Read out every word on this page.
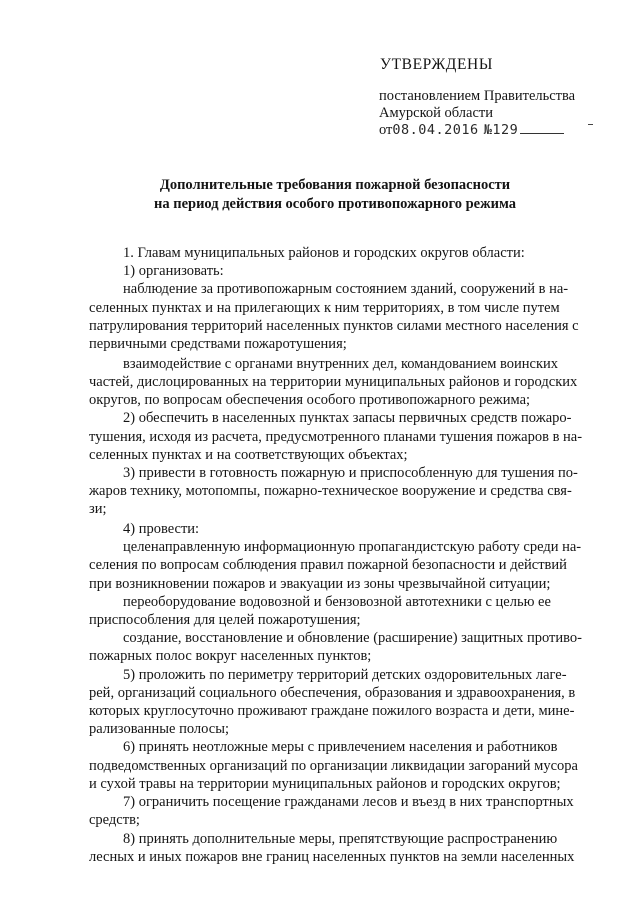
УТВЕРЖДЕНЫ
постановлением Правительства
Амурской области
от 08.04.2016 №129
Дополнительные требования пожарной безопасности
на период действия особого противопожарного режима

1. Главам муниципальных районов и городских округов области:

1) организовать:

наблюдение за противопожарным состоянием зданий, сооружений в на-

селенных пунктах и на прилегающих к ним территориях, в том числе путем

патрулирования территорий населенных пунктов силами местного населения с

первичными средствами пожаротушения;

взаимодействие с органами внутренних дел, командованием воинских

частей, дислоцированных на территории муниципальных районов и городских

округов, по вопросам обеспечения особого противопожарного режима;

2) обеспечить в населенных пунктах запасы первичных средств пожаро-

тушения, исходя из расчета, предусмотренного планами тушения пожаров в на-

селенных пунктах и на соответствующих объектах;

3) привести в готовность пожарную и приспособленную для тушения по-

жаров технику, мотопомпы, пожарно-техническое вооружение и средства свя-

зи;

4) провести:

целенаправленную информационную пропагандистскую работу среди на-

селения по вопросам соблюдения правил пожарной безопасности и действий

при возникновении пожаров и эвакуации из зоны чрезвычайной ситуации;

переоборудование водовозной и бензовозной автотехники с целью ее

приспособления для целей пожаротушения;

создание, восстановление и обновление (расширение) защитных противо-

пожарных полос вокруг населенных пунктов;

5) проложить по периметру территорий детских оздоровительных лаге-

рей, организаций социального обеспечения, образования и здравоохранения, в

которых круглосуточно проживают граждане пожилого возраста и дети, мине-

рализованные полосы;

6) принять неотложные меры с привлечением населения и работников

подведомственных организаций по организации ликвидации загораний мусора

и сухой травы на территории муниципальных районов и городских округов;

7) ограничить посещение гражданами лесов и въезд в них транспортных

средств;

8) принять дополнительные меры, препятствующие распространению

лесных и иных пожаров вне границ населенных пунктов на земли населенных
